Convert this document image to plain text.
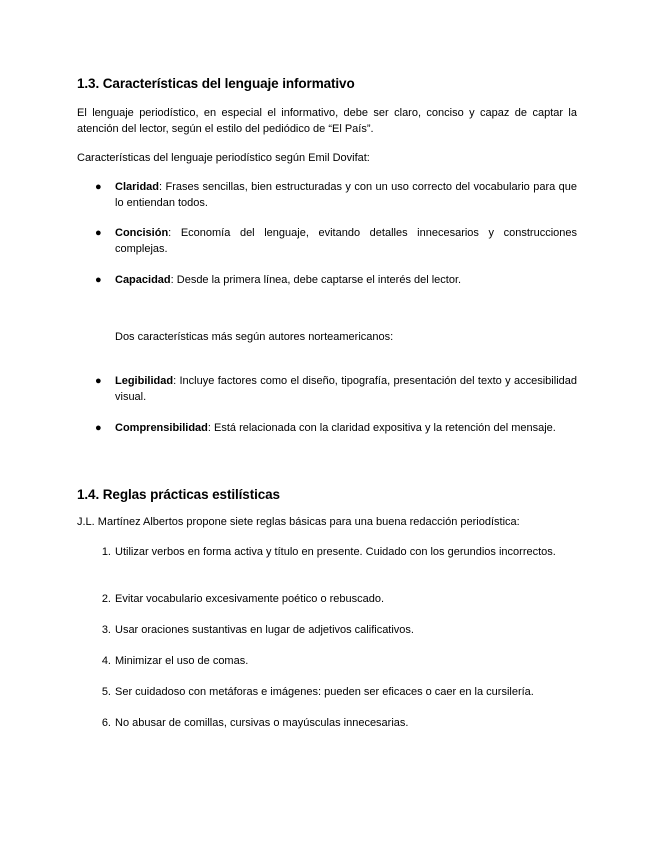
1.3. Características del lenguaje informativo

El lenguaje periodístico, en especial el informativo, debe ser claro, conciso y capaz de captar la atención del lector, según el estilo del pediódico de “El País”.

Características del lenguaje periodístico según Emil Dovifat:

●	Claridad: Frases sencillas, bien estructuradas y con un uso correcto del vocabulario para que lo entiendan todos.
●	Concisión: Economía del lenguaje, evitando detalles innecesarios y construcciones complejas.
●	Capacidad: Desde la primera línea, debe captarse el interés del lector.
Dos características más según autores norteamericanos:
●	Legibilidad: Incluye factores como el diseño, tipografía, presentación del texto y accesibilidad visual.
●	Comprensibilidad: Está relacionada con la claridad expositiva y la retención del mensaje.
1.4. Reglas prácticas estilísticas

J.L. Martínez Albertos propone siete reglas básicas para una buena redacción periodística:

1. Utilizar verbos en forma activa y título en presente. Cuidado con los gerundios incorrectos.
2. Evitar vocabulario excesivamente poético o rebuscado.
3. Usar oraciones sustantivas en lugar de adjetivos calificativos.
4. Minimizar el uso de comas.
5. Ser cuidadoso con metáforas e imágenes: pueden ser eficaces o caer en la cursilería.
6. No abusar de comillas, cursivas o mayúsculas innecesarias.
